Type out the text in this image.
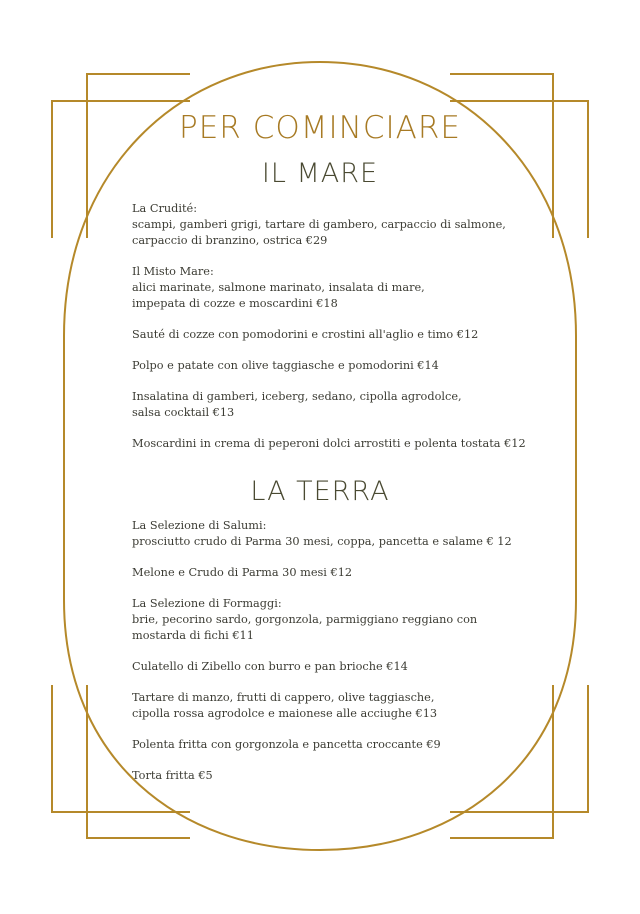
PER COMINCIARE
IL MARE
La Crudité:
scampi, gamberi grigi, tartare di gambero, carpaccio di salmone,
carpaccio di branzino, ostrica €29
Il Misto Mare:
alici marinate, salmone marinato, insalata di mare,
impepata di cozze e moscardini €18
Sauté di cozze con pomodorini e crostini all'aglio e timo €12
Polpo e patate con olive taggiasche e pomodorini €14
Insalatina di gamberi, iceberg, sedano, cipolla agrodolce,
salsa cocktail €13
Moscardini in crema di peperoni dolci arrostiti e polenta tostata €12
LA TERRA
La Selezione di Salumi:
prosciutto crudo di Parma 30 mesi, coppa, pancetta e salame € 12
Melone e Crudo di Parma 30 mesi €12
La Selezione di Formaggi:
brie, pecorino sardo, gorgonzola, parmiggiano reggiano con
mostarda di fichi €11
Culatello di Zibello con burro e pan brioche €14
Tartare di manzo, frutti di cappero, olive taggiasche,
cipolla rossa agrodolce e maionese alle acciughe €13
Polenta fritta con gorgonzola e pancetta croccante €9
Torta fritta €5
